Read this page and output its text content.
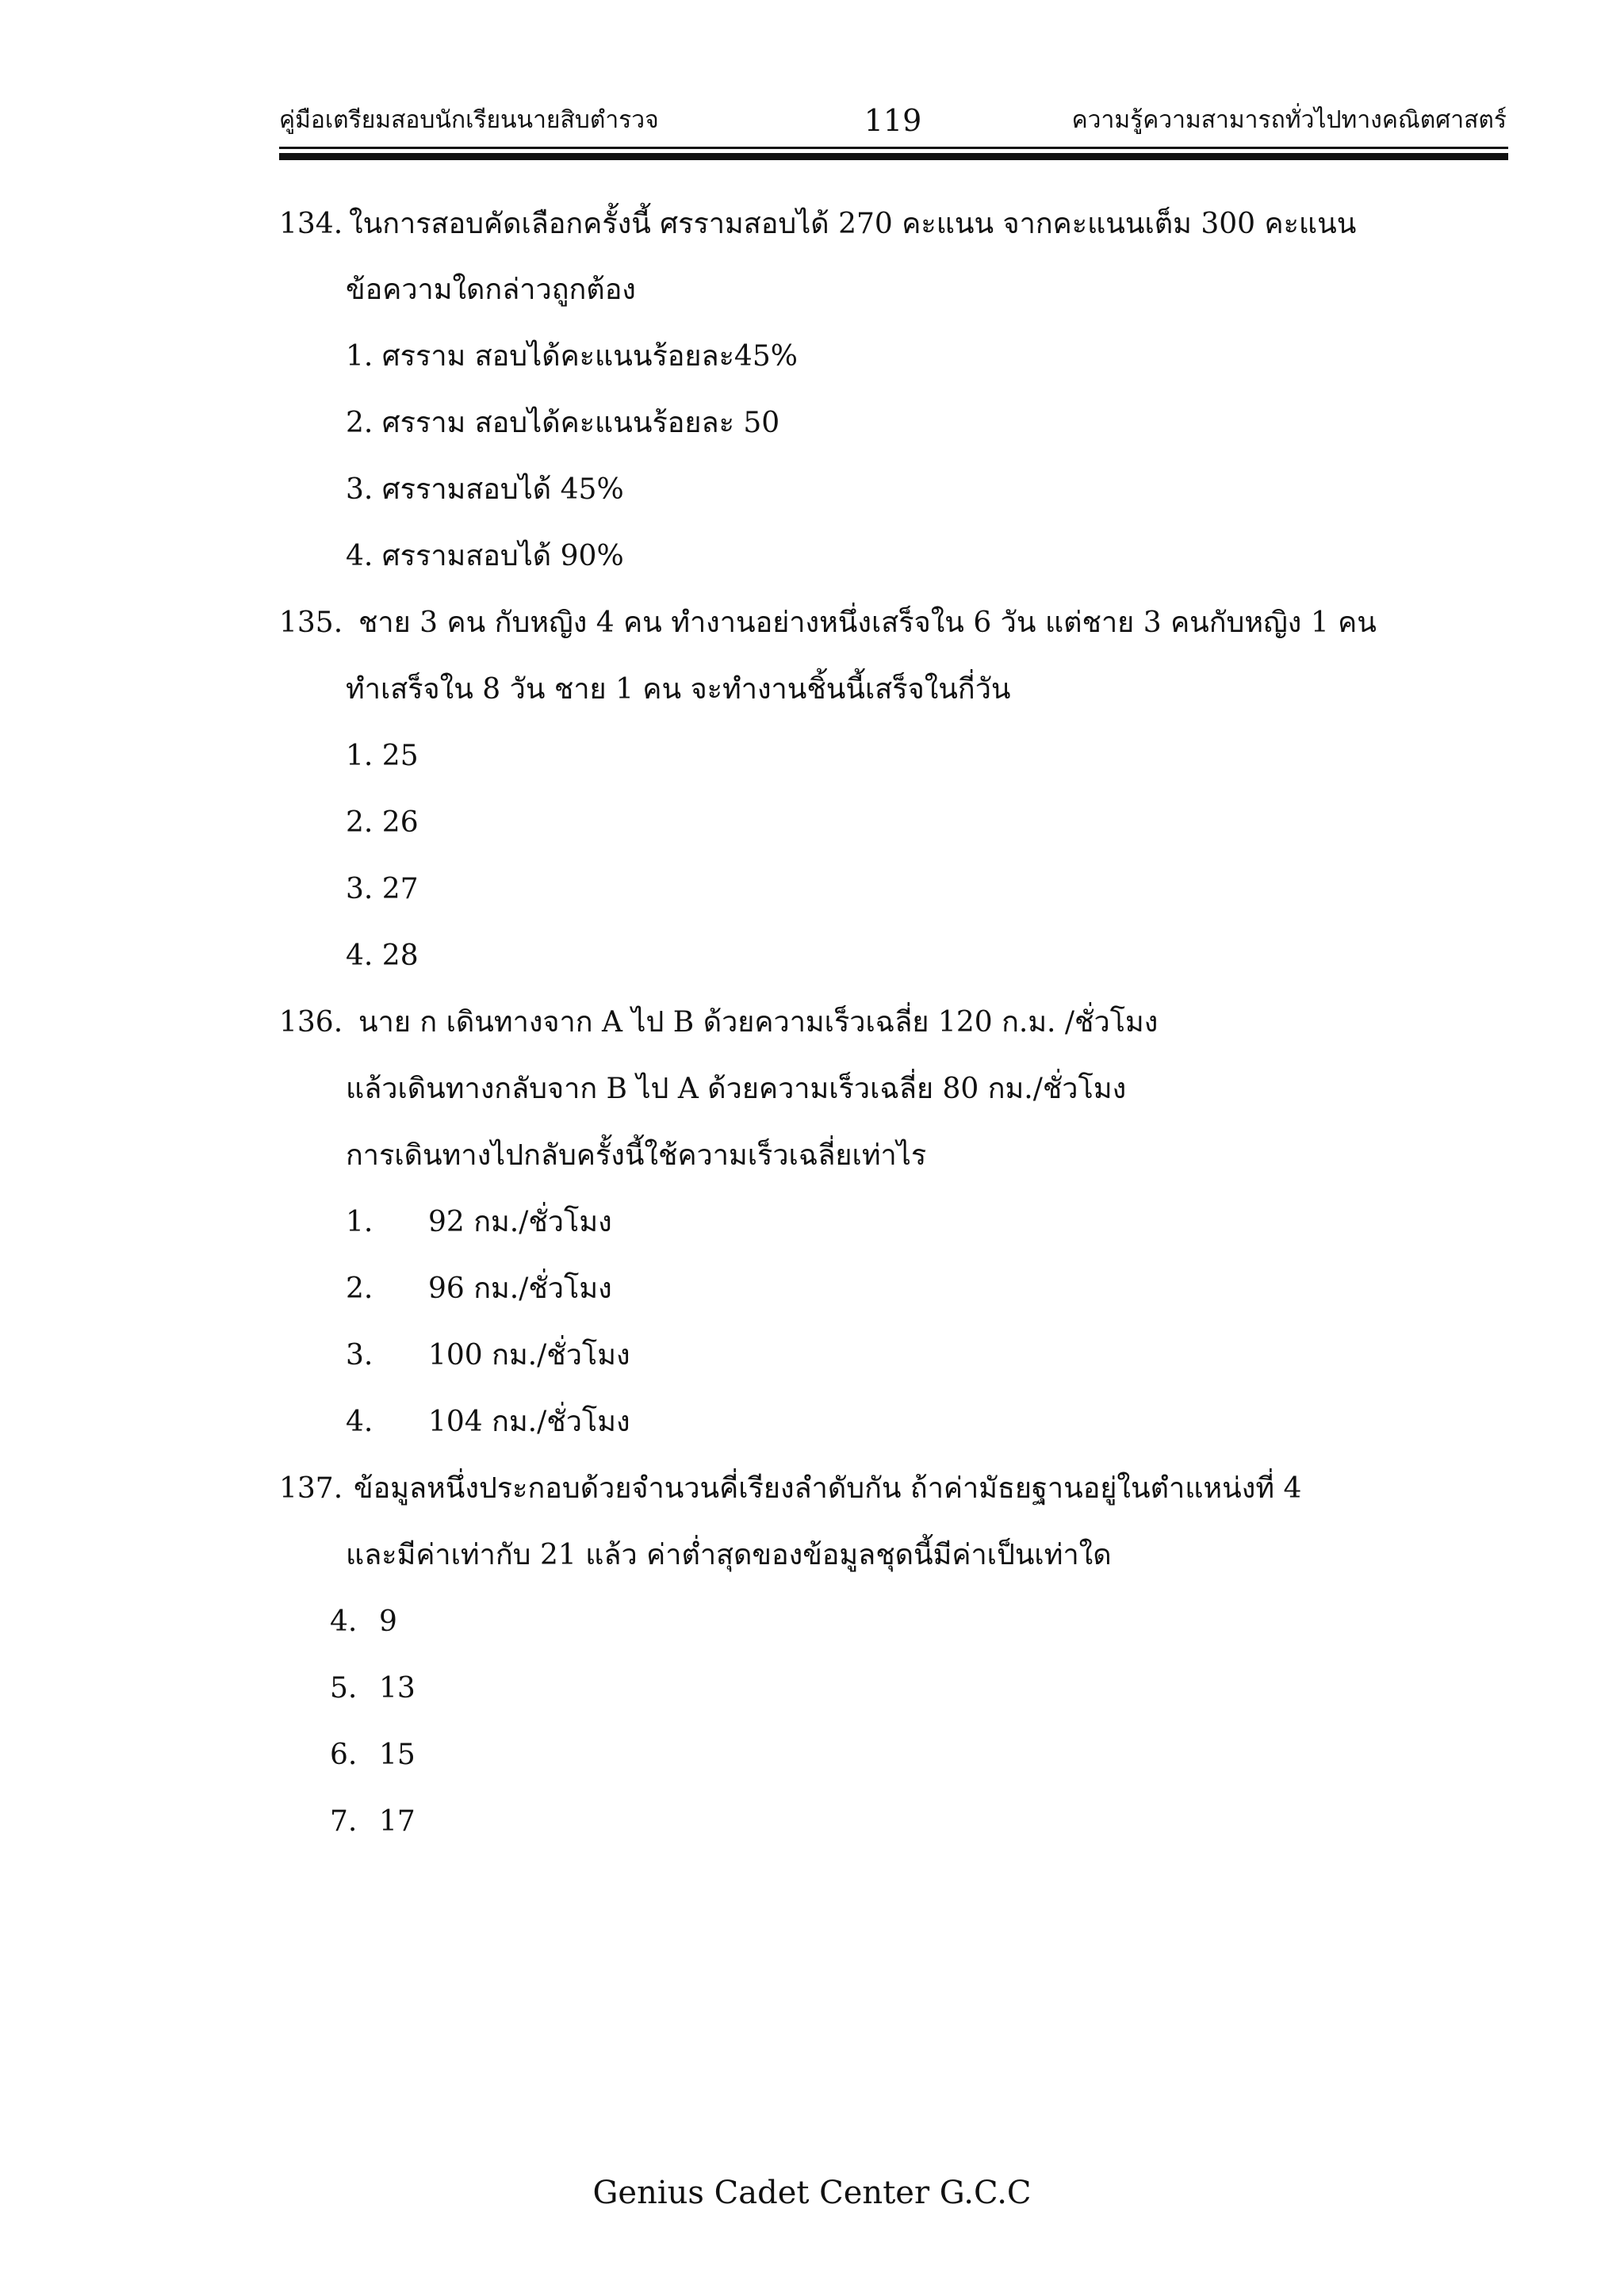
คู่มือเตรียมสอบนักเรียนนายสิบตำรวจ	119	ความรู้ความสามารถทั่วไปทางคณิตศาสตร์
134. ในการสอบคัดเลือกครั้งนี้ ศรรามสอบได้ 270 คะแนน จากคะแนนเต็ม 300 คะแนน
ข้อความใดกล่าวถูกต้อง
1. ศรราม สอบได้คะแนนร้อยละ45%
2. ศรราม สอบได้คะแนนร้อยละ 50
3. ศรรามสอบได้ 45%
4. ศรรามสอบได้ 90%
135. ชาย 3 คน กับหญิง 4 คน ทำงานอย่างหนึ่งเสร็จใน 6 วัน แต่ชาย 3 คนกับหญิง 1 คน
ทำเสร็จใน 8 วัน ชาย 1 คน จะทำงานชิ้นนี้เสร็จในกี่วัน
1. 25
2. 26
3. 27
4. 28
136. นาย ก เดินทางจาก A ไป B ด้วยความเร็วเฉลี่ย 120 ก.ม. /ชั่วโมง
แล้วเดินทางกลับจาก B ไป A ด้วยความเร็วเฉลี่ย 80 กม./ชั่วโมง
การเดินทางไปกลับครั้งนี้ใช้ความเร็วเฉลี่ยเท่าไร
1. 92 กม./ชั่วโมง
2. 96 กม./ชั่วโมง
3. 100 กม./ชั่วโมง
4. 104 กม./ชั่วโมง
137. ข้อมูลหนึ่งประกอบด้วยจำนวนคี่เรียงลำดับกัน ถ้าค่ามัธยฐานอยู่ในตำแหน่งที่ 4
และมีค่าเท่ากับ 21 แล้ว ค่าต่ำสุดของข้อมูลชุดนี้มีค่าเป็นเท่าใด
4. 9
5. 13
6. 15
7. 17
Genius Cadet Center G.C.C
